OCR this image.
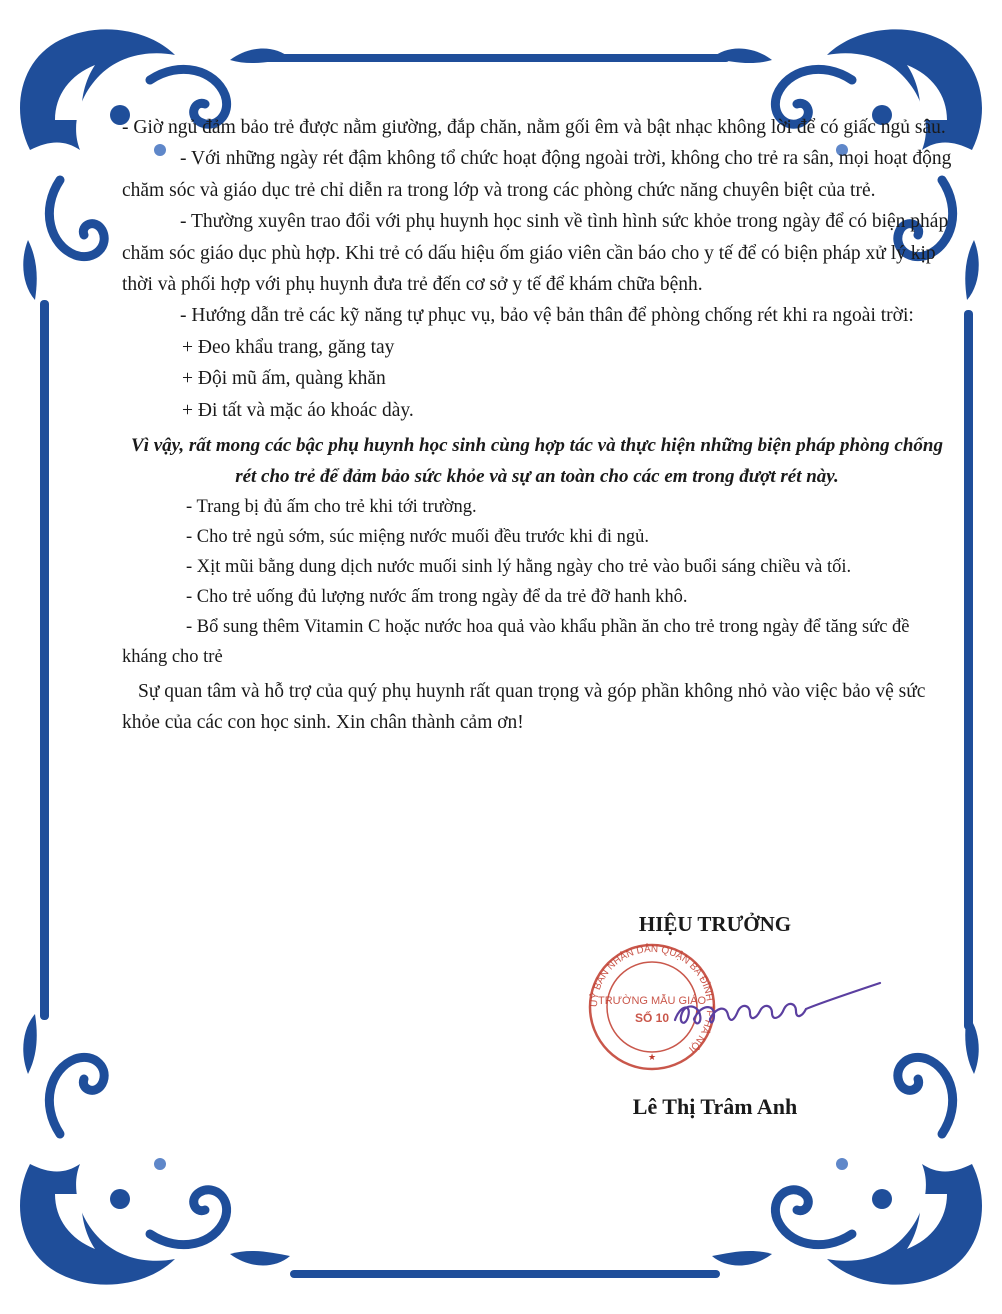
- Giờ ngủ đảm bảo trẻ được nằm giường, đắp chăn, nằm gối êm và bật nhạc không lời để có giấc ngủ sâu.

- Với những ngày rét đậm không tổ chức hoạt động ngoài trời, không cho trẻ ra sân, mọi hoạt động chăm sóc và giáo dục trẻ chỉ diễn ra trong lớp và trong các phòng chức năng chuyên biệt của trẻ.

- Thường xuyên trao đổi với phụ huynh học sinh về tình hình sức khỏe trong ngày để có biện pháp chăm sóc giáo dục phù hợp. Khi trẻ có dấu hiệu ốm giáo viên cần báo cho y tế để có biện pháp xử lý kịp thời và phối hợp với phụ huynh đưa trẻ đến cơ sở y tế để khám chữa bệnh.

- Hướng dẫn trẻ các kỹ năng tự phục vụ, bảo vệ bản thân để phòng chống rét khi ra ngoài trời:

+ Đeo khẩu trang, găng tay

+ Đội mũ ấm, quàng khăn

+ Đi tất và mặc áo khoác dày.

Vì vậy, rất mong các bậc phụ huynh học sinh cùng hợp tác và thực hiện những biện pháp phòng chống rét cho trẻ để đảm bảo sức khỏe và sự an toàn cho các em trong đượt rét này.

- Trang bị đủ ấm cho trẻ khi tới trường.

- Cho trẻ ngủ sớm, súc miệng nước muối đều trước khi đi ngủ.

- Xịt mũi bằng dung dịch nước muối sinh lý hằng ngày cho trẻ vào buổi sáng chiều và tối.

- Cho trẻ uống đủ lượng nước ấm trong ngày để da trẻ đỡ hanh khô.

- Bổ sung thêm Vitamin C hoặc nước hoa quả vào khẩu phần ăn cho trẻ trong ngày để tăng sức đề kháng cho trẻ

Sự quan tâm và hỗ trợ của quý phụ huynh rất quan trọng và góp phần không nhỏ vào việc bảo vệ sức khỏe của các con học sinh. Xin chân thành cảm ơn!

HIỆU TRƯỞNG
UỶ BAN NHÂN DÂN QUẬN BA ĐÌNH TP HÀ NỘI
TRƯỜNG MẪU GIÁO
SỐ 10
★
Lê Thị Trâm Anh
